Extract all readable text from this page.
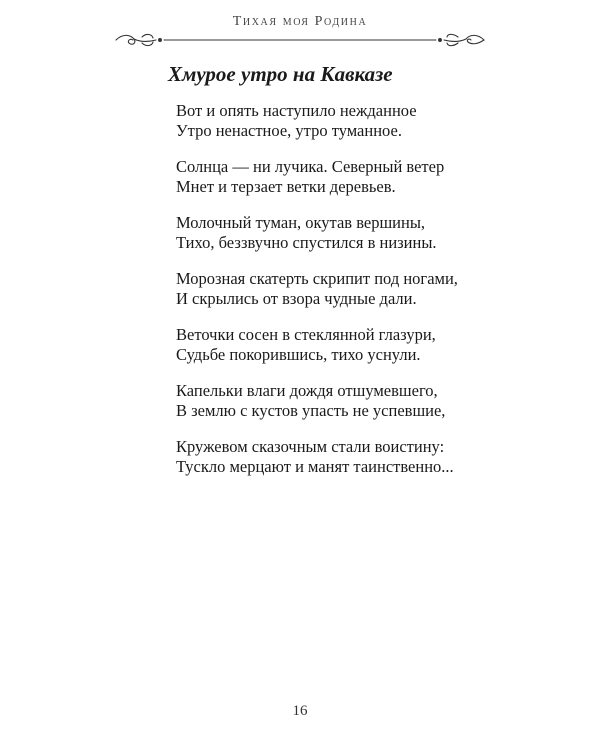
Тихая моя Родина
Хмурое утро на Кавказе

Вот и опять наступило нежданное
Утро ненастное, утро туманное.

Солнца — ни лучика. Северный ветер
Мнет и терзает ветки деревьев.

Молочный туман, окутав вершины,
Тихо, беззвучно спустился в низины.

Морозная скатерть скрипит под ногами,
И скрылись от взора чудные дали.

Веточки сосен в стеклянной глазури,
Судьбе покорившись, тихо уснули.

Капельки влаги дождя отшумевшего,
В землю с кустов упасть не успевшие,

Кружевом сказочным стали воистину:
Тускло мерцают и манят таинственно...

16
